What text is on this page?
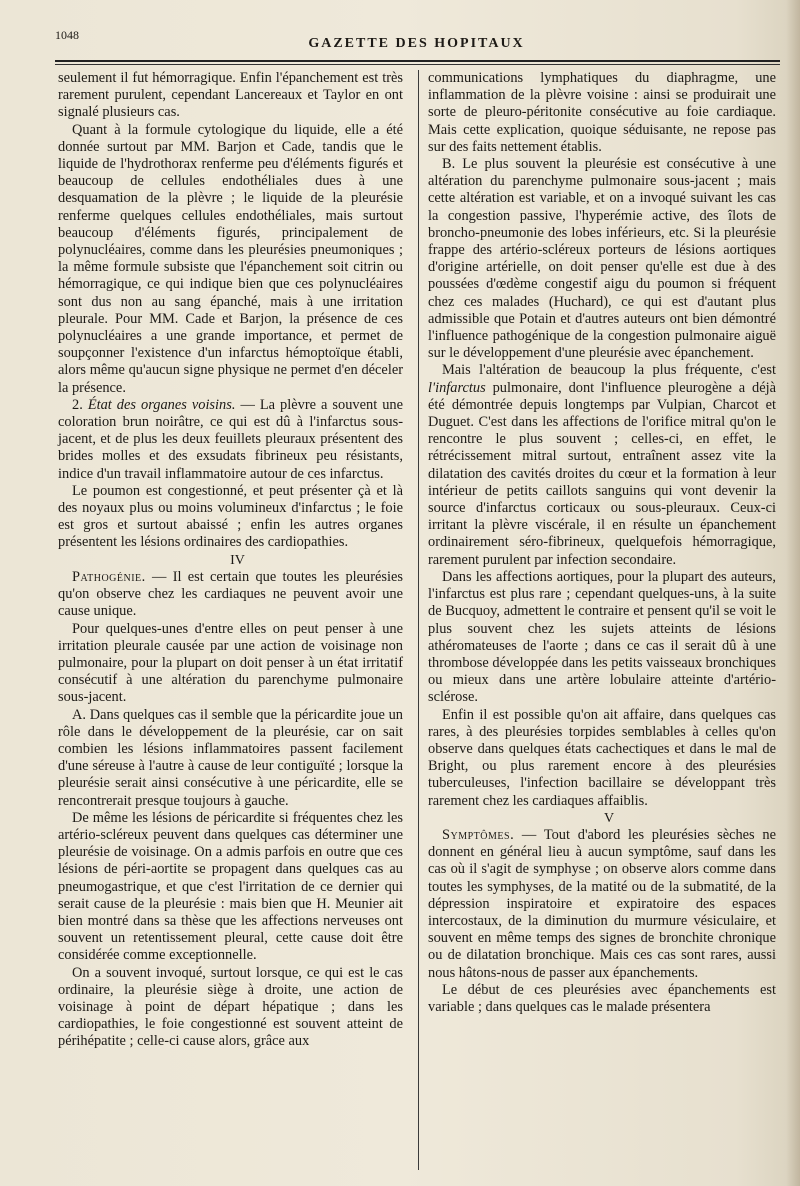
1048
GAZETTE DES HOPITAUX

seulement il fut hémorragique. Enfin l'épanchement est très rarement purulent, cependant Lancereaux et Taylor en ont signalé plusieurs cas.

Quant à la formule cytologique du liquide, elle a été donnée surtout par MM. Barjon et Cade, tandis que le liquide de l'hydrothorax renferme peu d'éléments figurés et beaucoup de cellules endothéliales dues à une desquamation de la plèvre ; le liquide de la pleurésie renferme quelques cellules endothéliales, mais surtout beaucoup d'éléments figurés, principalement de polynucléaires, comme dans les pleurésies pneumoniques ; la même formule subsiste que l'épanchement soit citrin ou hémorragique, ce qui indique bien que ces polynucléaires sont dus non au sang épanché, mais à une irritation pleurale. Pour MM. Cade et Barjon, la présence de ces polynucléaires a une grande importance, et permet de soupçonner l'existence d'un infarctus hémoptoïque établi, alors même qu'aucun signe physique ne permet d'en déceler la présence.

2. État des organes voisins. — La plèvre a souvent une coloration brun noirâtre, ce qui est dû à l'infarctus sous-jacent, et de plus les deux feuillets pleuraux présentent des brides molles et des exsudats fibrineux peu résistants, indice d'un travail inflammatoire autour de ces infarctus.

Le poumon est congestionné, et peut présenter çà et là des noyaux plus ou moins volumineux d'infarctus ; le foie est gros et surtout abaissé ; enfin les autres organes présentent les lésions ordinaires des cardiopathies.

IV

Pathogénie. — Il est certain que toutes les pleurésies qu'on observe chez les cardiaques ne peuvent avoir une cause unique.

Pour quelques-unes d'entre elles on peut penser à une irritation pleurale causée par une action de voisinage non pulmonaire, pour la plupart on doit penser à un état irritatif consécutif à une altération du parenchyme pulmonaire sous-jacent.

A. Dans quelques cas il semble que la péricardite joue un rôle dans le développement de la pleurésie, car on sait combien les lésions inflammatoires passent facilement d'une séreuse à l'autre à cause de leur contiguïté ; lorsque la pleurésie serait ainsi consécutive à une péricardite, elle se rencontrerait presque toujours à gauche.

De même les lésions de péricardite si fréquentes chez les artério-scléreux peuvent dans quelques cas déterminer une pleurésie de voisinage. On a admis parfois en outre que ces lésions de péri-aortite se propagent dans quelques cas au pneumogastrique, et que c'est l'irritation de ce dernier qui serait cause de la pleurésie : mais bien que H. Meunier ait bien montré dans sa thèse que les affections nerveuses ont souvent un retentissement pleural, cette cause doit être considérée comme exceptionnelle.

On a souvent invoqué, surtout lorsque, ce qui est le cas ordinaire, la pleurésie siège à droite, une action de voisinage à point de départ hépatique ; dans les cardiopathies, le foie congestionné est souvent atteint de périhépatite ; celle-ci cause alors, grâce aux

communications lymphatiques du diaphragme, une inflammation de la plèvre voisine : ainsi se produirait une sorte de pleuro-péritonite consécutive au foie cardiaque. Mais cette explication, quoique séduisante, ne repose pas sur des faits nettement établis.

B. Le plus souvent la pleurésie est consécutive à une altération du parenchyme pulmonaire sous-jacent ; mais cette altération est variable, et on a invoqué suivant les cas la congestion passive, l'hyperémie active, des îlots de broncho-pneumonie des lobes inférieurs, etc. Si la pleurésie frappe des artério-scléreux porteurs de lésions aortiques d'origine artérielle, on doit penser qu'elle est due à des poussées d'œdème congestif aigu du poumon si fréquent chez ces malades (Huchard), ce qui est d'autant plus admissible que Potain et d'autres auteurs ont bien démontré l'influence pathogénique de la congestion pulmonaire aiguë sur le développement d'une pleurésie avec épanchement.

Mais l'altération de beaucoup la plus fréquente, c'est l'infarctus pulmonaire, dont l'influence pleurogène a déjà été démontrée depuis longtemps par Vulpian, Charcot et Duguet. C'est dans les affections de l'orifice mitral qu'on le rencontre le plus souvent ; celles-ci, en effet, le rétrécissement mitral surtout, entraînent assez vite la dilatation des cavités droites du cœur et la formation à leur intérieur de petits caillots sanguins qui vont devenir la source d'infarctus corticaux ou sous-pleuraux. Ceux-ci irritant la plèvre viscérale, il en résulte un épanchement ordinairement séro-fibrineux, quelquefois hémorragique, rarement purulent par infection secondaire.

Dans les affections aortiques, pour la plupart des auteurs, l'infarctus est plus rare ; cependant quelques-uns, à la suite de Bucquoy, admettent le contraire et pensent qu'il se voit le plus souvent chez les sujets atteints de lésions athéromateuses de l'aorte ; dans ce cas il serait dû à une thrombose développée dans les petits vaisseaux bronchiques ou mieux dans une artère lobulaire atteinte d'artério-sclérose.

Enfin il est possible qu'on ait affaire, dans quelques cas rares, à des pleurésies torpides semblables à celles qu'on observe dans quelques états cachectiques et dans le mal de Bright, ou plus rarement encore à des pleurésies tuberculeuses, l'infection bacillaire se développant très rarement chez les cardiaques affaiblis.

V

Symptômes. — Tout d'abord les pleurésies sèches ne donnent en général lieu à aucun symptôme, sauf dans les cas où il s'agit de symphyse ; on observe alors comme dans toutes les symphyses, de la matité ou de la submatité, de la dépression inspiratoire et expiratoire des espaces intercostaux, de la diminution du murmure vésiculaire, et souvent en même temps des signes de bronchite chronique ou de dilatation bronchique. Mais ces cas sont rares, aussi nous hâtons-nous de passer aux épanchements.

Le début de ces pleurésies avec épanchements est variable ; dans quelques cas le malade présentera
